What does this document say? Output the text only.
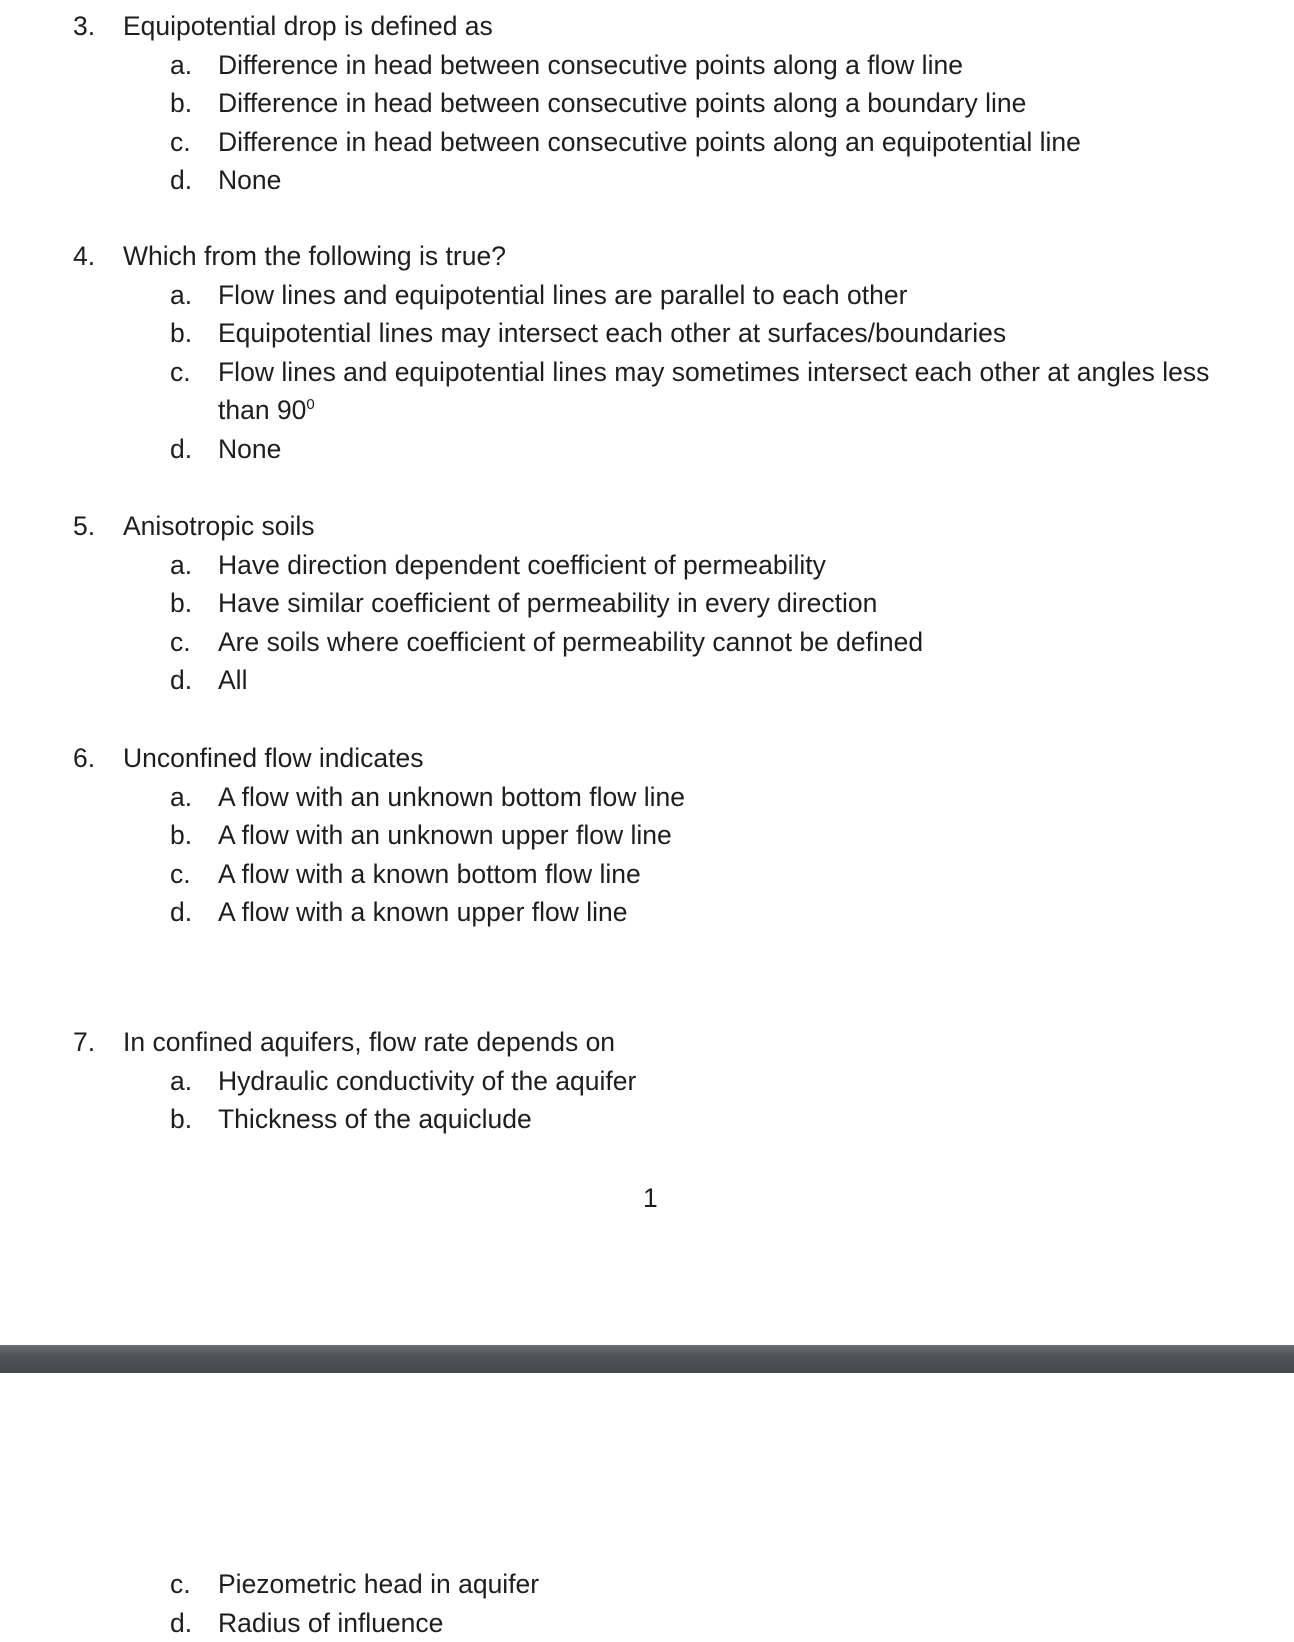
3. Equipotential drop is defined as
a. Difference in head between consecutive points along a flow line
b. Difference in head between consecutive points along a boundary line
c. Difference in head between consecutive points along an equipotential line
d. None
4. Which from the following is true?
a. Flow lines and equipotential lines are parallel to each other
b. Equipotential lines may intersect each other at surfaces/boundaries
c. Flow lines and equipotential lines may sometimes intersect each other at angles less than $90^0$
d. None
5. Anisotropic soils
a. Have direction dependent coefficient of permeability
b. Have similar coefficient of permeability in every direction
c. Are soils where coefficient of permeability cannot be defined
d. All
6. Unconfined flow indicates
a. A flow with an unknown bottom flow line
b. A flow with an unknown upper flow line
c. A flow with a known bottom flow line
d. A flow with a known upper flow line
7. In confined aquifers, flow rate depends on
a. Hydraulic conductivity of the aquifer
b. Thickness of the aquiclude
1
c. Piezometric head in aquifer
d. Radius of influence
